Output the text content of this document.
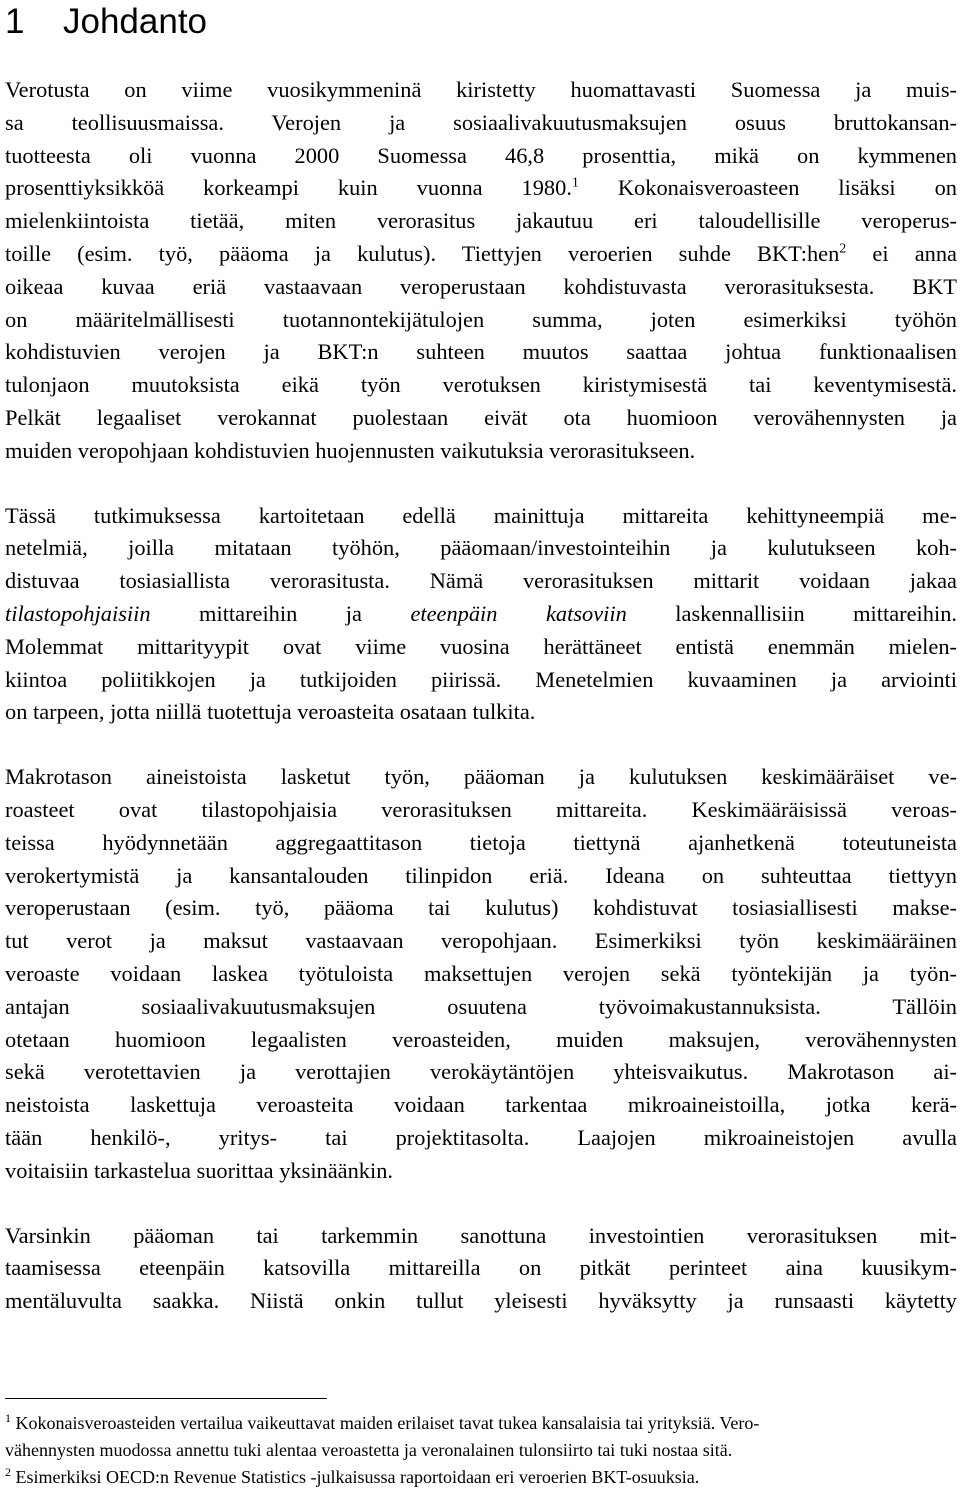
1 Johdanto
Verotusta on viime vuosikymmeninä kiristetty huomattavasti Suomessa ja muis-
sa teollisuusmaissa. Verojen ja sosiaalivakuutusmaksujen osuus bruttokansan-
tuotteesta oli vuonna 2000 Suomessa 46,8 prosenttia, mikä on kymmenen
prosenttiyksikköä korkeampi kuin vuonna 1980.$^1$ Kokonaisveroasteen lisäksi on
mielenkiintoista tietää, miten verorasitus jakautuu eri taloudellisille veroperus-
toille (esim. työ, pääoma ja kulutus). Tiettyjen veroerien suhde BKT:hen$^2$ ei anna
oikeaa kuvaa eriä vastaavaan veroperustaan kohdistuvasta verorasituksesta. BKT
on määritelmällisesti tuotannontekijätulojen summa, joten esimerkiksi työhön
kohdistuvien verojen ja BKT:n suhteen muutos saattaa johtua funktionaalisen
tulonjaon muutoksista eikä työn verotuksen kiristymisestä tai keventymisestä.
Pelkät legaaliset verokannat puolestaan eivät ota huomioon verovähennysten ja
muiden veropohjaan kohdistuvien huojennusten vaikutuksia verorasitukseen.
Tässä tutkimuksessa kartoitetaan edellä mainittuja mittareita kehittyneempiä me-
netelmiä, joilla mitataan työhön, pääomaan/investointeihin ja kulutukseen koh-
distuvaa tosiasiallista verorasitusta. Nämä verorasituksen mittarit voidaan jakaa
tilastopohjaisiin mittareihin ja eteenpäin katsoviin laskennallisiin mittareihin.
Molemmat mittarityypit ovat viime vuosina herättäneet entistä enemmän mielen-
kiintoa poliitikkojen ja tutkijoiden piirissä. Menetelmien kuvaaminen ja arviointi
on tarpeen, jotta niillä tuotettuja veroasteita osataan tulkita.
Makrotason aineistoista lasketut työn, pääoman ja kulutuksen keskimääräiset ve-
roasteet ovat tilastopohjaisia verorasituksen mittareita. Keskimääräisissä veroas-
teissa hyödynnetään aggregaattitason tietoja tiettynä ajanhetkenä toteutuneista
verokertymistä ja kansantalouden tilinpidon eriä. Ideana on suhteuttaa tiettyyn
veroperustaan (esim. työ, pääoma tai kulutus) kohdistuvat tosiasiallisesti makse-
tut verot ja maksut vastaavaan veropohjaan. Esimerkiksi työn keskimääräinen
veroaste voidaan laskea työtuloista maksettujen verojen sekä työntekijän ja työn-
antajan sosiaalivakuutusmaksujen osuutena työvoimakustannuksista. Tällöin
otetaan huomioon legaalisten veroasteiden, muiden maksujen, verovähennysten
sekä verotettavien ja verottajien verokäytäntöjen yhteisvaikutus. Makrotason ai-
neistoista laskettuja veroasteita voidaan tarkentaa mikroaineistoilla, jotka kerä-
tään henkilö-, yritys- tai projektitasolta. Laajojen mikroaineistojen avulla
voitaisiin tarkastelua suorittaa yksinäänkin.
Varsinkin pääoman tai tarkemmin sanottuna investointien verorasituksen mit-
taamisessa eteenpäin katsovilla mittareilla on pitkät perinteet aina kuusikym-
mentäluvulta saakka. Niistä onkin tullut yleisesti hyväksytty ja runsaasti käytetty
$^1$ Kokonaisveroasteiden vertailua vaikeuttavat maiden erilaiset tavat tukea kansalaisia tai yrityksiä. Vero-
vähennysten muodossa annettu tuki alentaa veroastetta ja veronalainen tulonsiirto tai tuki nostaa sitä.
$^2$ Esimerkiksi OECD:n Revenue Statistics -julkaisussa raportoidaan eri veroerien BKT-osuuksia.
